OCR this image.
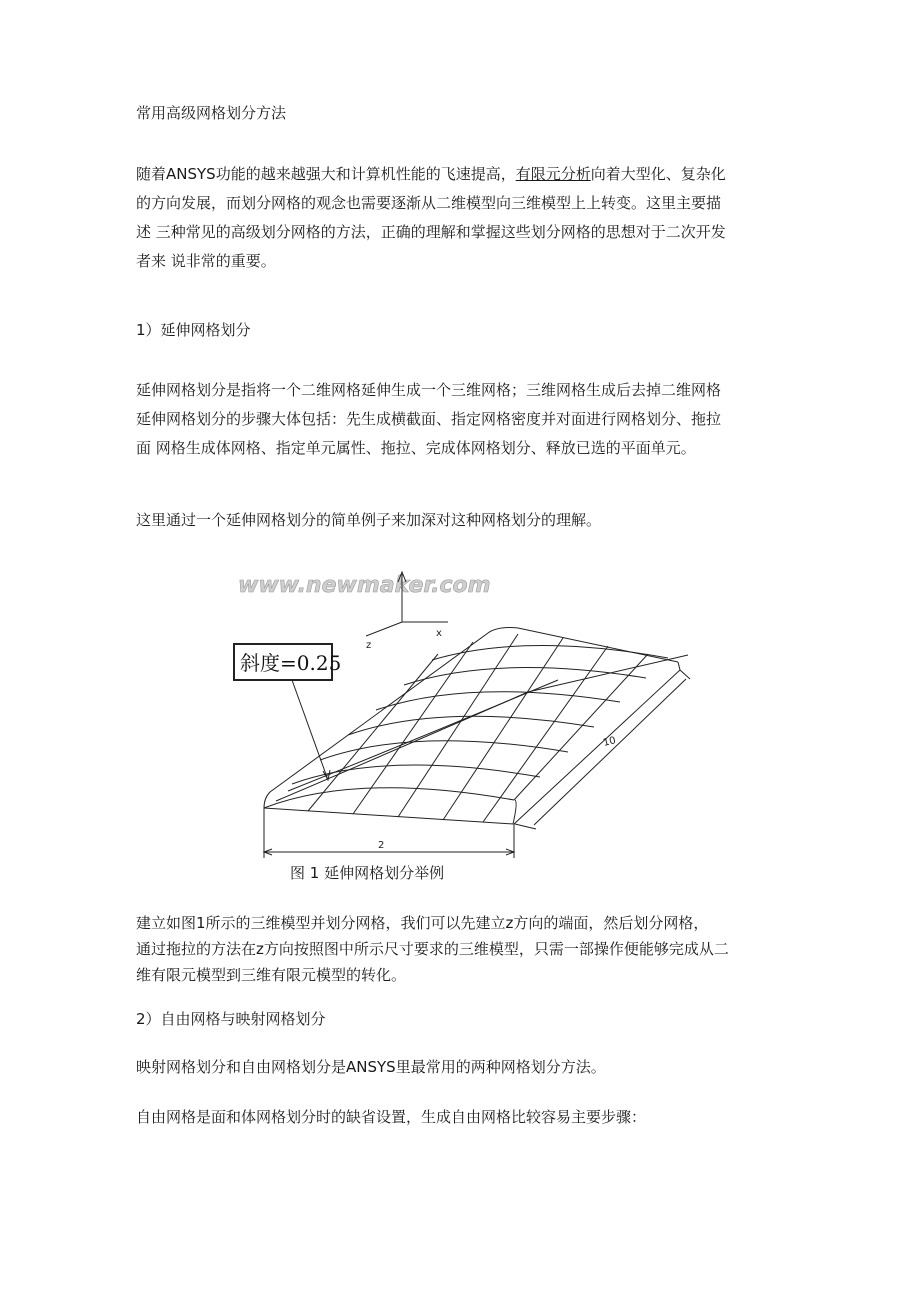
常用高级网格划分方法
随着ANSYS功能的越来越强大和计算机性能的飞速提高，有限元分析向着大型化、复杂化
的方向发展，而划分网格的观念也需要逐渐从二维模型向三维模型上上转变。这里主要描
述 三种常见的高级划分网格的方法，正确的理解和掌握这些划分网格的思想对于二次开发
者来 说非常的重要。
1）延伸网格划分
延伸网格划分是指将一个二维网格延伸生成一个三维网格；三维网格生成后去掉二维网格
延伸网格划分的步骤大体包括：先生成横截面、指定网格密度并对面进行网格划分、拖拉
面 网格生成体网格、指定单元属性、拖拉、完成体网格划分、释放已选的平面单元。
这里通过一个延伸网格划分的简单例子来加深对这种网格划分的理解。
www.newmaker.com
x
z
10
2
斜度=0.25
图 1 延伸网格划分举例
建立如图1所示的三维模型并划分网格，我们可以先建立z方向的端面，然后划分网格，
通过拖拉的方法在z方向按照图中所示尺寸要求的三维模型，只需一部操作便能够完成从二
维有限元模型到三维有限元模型的转化。
2）自由网格与映射网格划分
映射网格划分和自由网格划分是ANSYS里最常用的两种网格划分方法。
自由网格是面和体网格划分时的缺省设置，生成自由网格比较容易主要步骤：
